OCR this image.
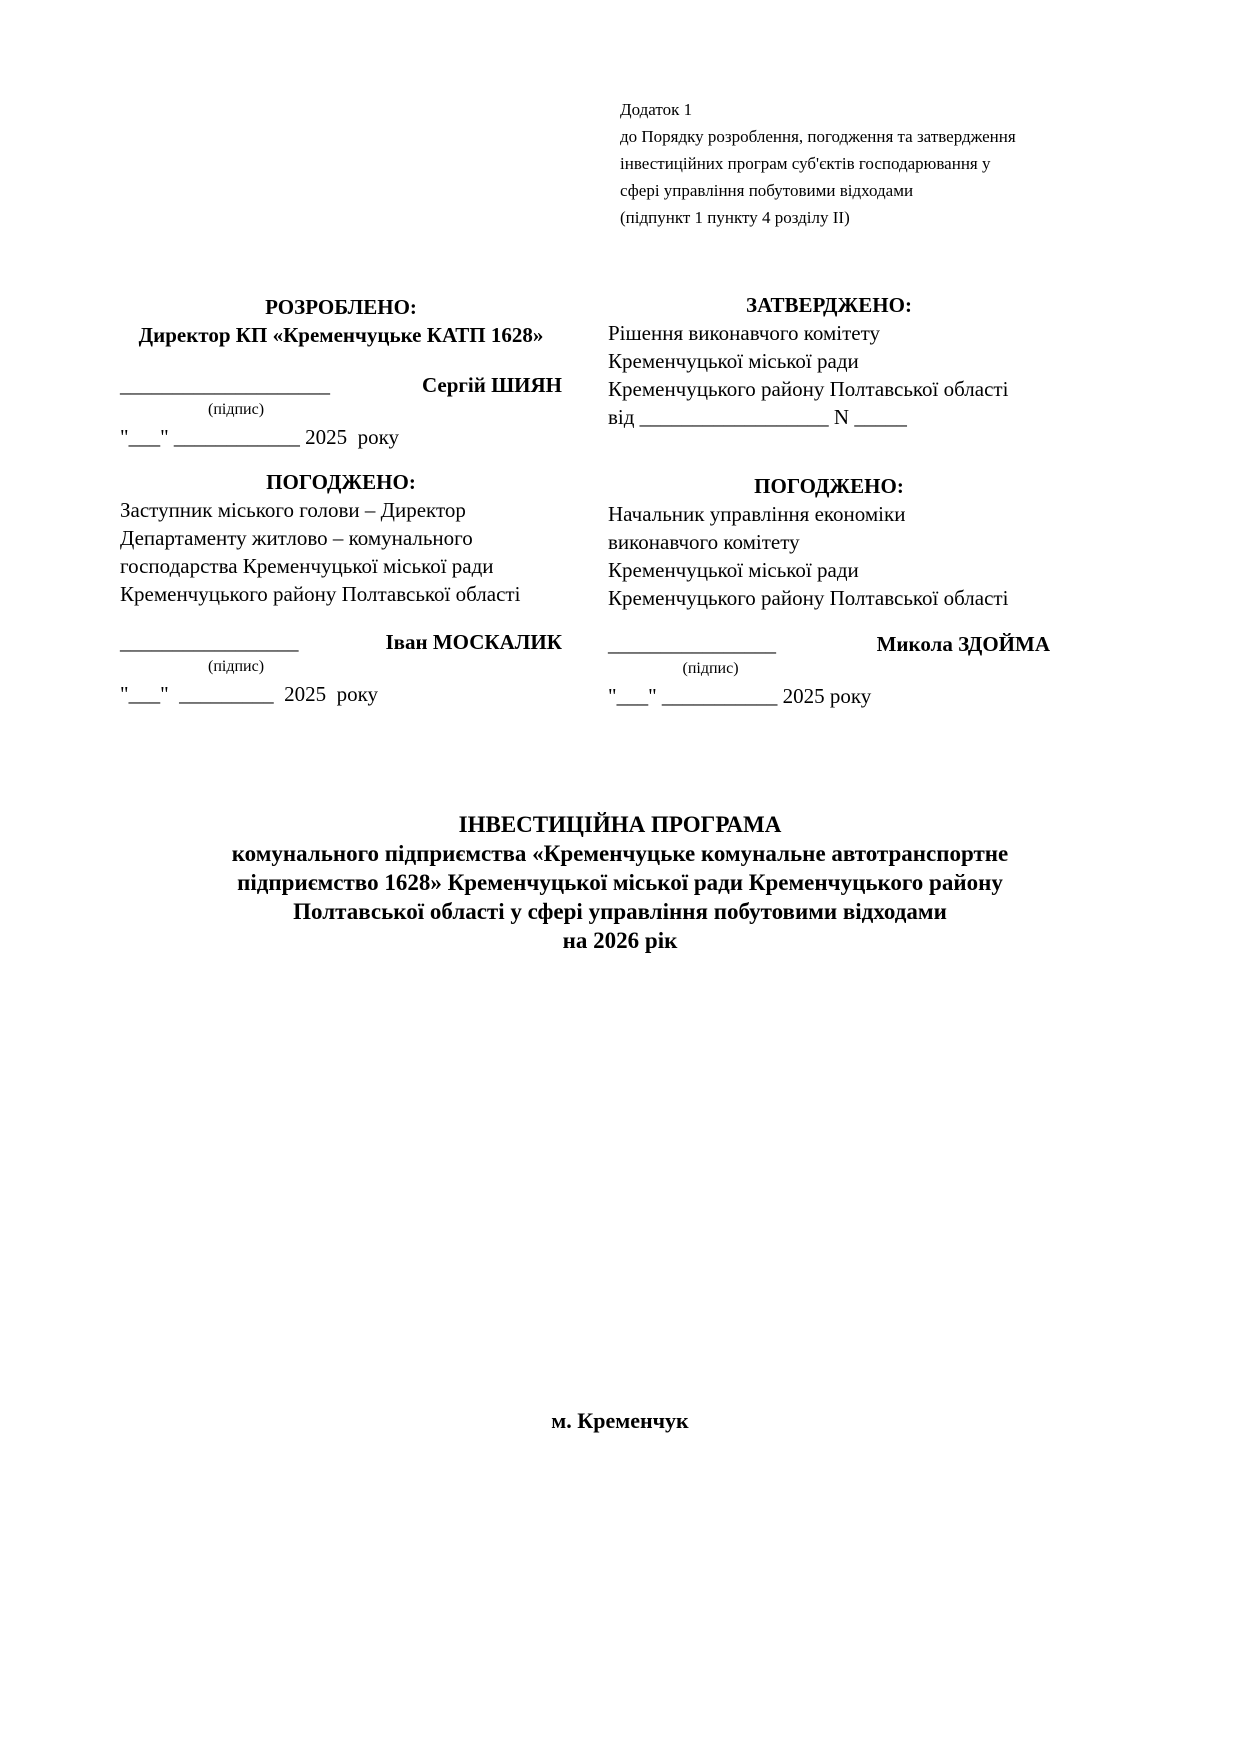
Додаток 1
до Порядку розроблення, погодження та затвердження
інвестиційних програм суб'єктів господарювання у
сфері управління побутовими відходами
(підпункт 1 пункту 4 розділу II)
РОЗРОБЛЕНО:
Директор КП «Кременчуцьке КАТП 1628»
____________________	Сергій ШИЯН
(підпис)
"___" ____________ 2025  року
ЗАТВЕРДЖЕНО:
Рішення виконавчого комітету
Кременчуцької міської ради
Кременчуцького району Полтавської області
від __________________ N _____
ПОГОДЖЕНО:
Заступник міського голови – Директор
Департаменту житлово – комунального
господарства Кременчуцької міської ради
Кременчуцького району Полтавської області
_________________	Іван МОСКАЛИК
(підпис)
"___"  _________  2025  року
ПОГОДЖЕНО:
Начальник управління економіки
виконавчого комітету
Кременчуцької міської ради
Кременчуцького району Полтавської області
________________	Микола ЗДОЙМА
(підпис)
"___" ___________ 2025 року
ІНВЕСТИЦІЙНА ПРОГРАМА
комунального підприємства «Кременчуцьке комунальне автотранспортне
підприємство 1628» Кременчуцької міської ради Кременчуцького району
Полтавської області у сфері управління побутовими відходами
на 2026 рік
м. Кременчук
